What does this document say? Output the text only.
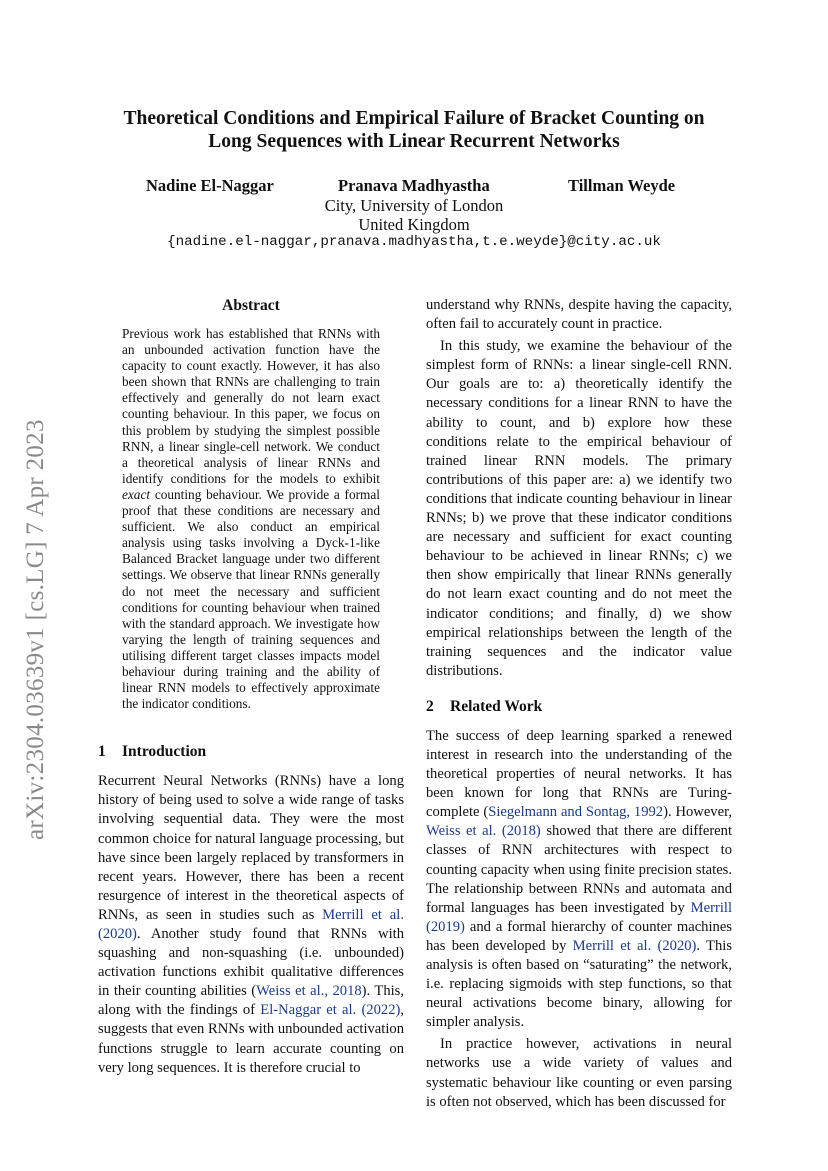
arXiv:2304.03639v1 [cs.LG] 7 Apr 2023
Theoretical Conditions and Empirical Failure of Bracket Counting on
Long Sequences with Linear Recurrent Networks
Nadine El-Naggar	Pranava Madhyastha	Tillman Weyde
City, University of London
United Kingdom
{nadine.el-naggar,pranava.madhyastha,t.e.weyde}@city.ac.uk
Abstract

Previous work has established that RNNs with an unbounded activation function have the capacity to count exactly. However, it has also been shown that RNNs are challenging to train effectively and generally do not learn exact counting behaviour. In this paper, we focus on this problem by studying the simplest possible RNN, a linear single-cell network. We conduct a theoretical analysis of linear RNNs and identify conditions for the models to exhibit exact counting behaviour. We provide a formal proof that these conditions are necessary and sufficient. We also conduct an empirical analysis using tasks involving a Dyck-1-like Balanced Bracket language under two different settings. We observe that linear RNNs generally do not meet the necessary and sufficient conditions for counting behaviour when trained with the standard approach. We investigate how varying the length of training sequences and utilising different target classes impacts model behaviour during training and the ability of linear RNN models to effectively approximate the indicator conditions.

1 Introduction

Recurrent Neural Networks (RNNs) have a long history of being used to solve a wide range of tasks involving sequential data. They were the most common choice for natural language processing, but have since been largely replaced by transformers in recent years. However, there has been a recent resurgence of interest in the theoretical aspects of RNNs, as seen in studies such as Merrill et al. (2020). Another study found that RNNs with squashing and non-squashing (i.e. unbounded) activation functions exhibit qualitative differences in their counting abilities (Weiss et al., 2018). This, along with the findings of El-Naggar et al. (2022), suggests that even RNNs with unbounded activation functions struggle to learn accurate counting on very long sequences. It is therefore crucial to

understand why RNNs, despite having the capacity, often fail to accurately count in practice.

In this study, we examine the behaviour of the simplest form of RNNs: a linear single-cell RNN. Our goals are to: a) theoretically identify the necessary conditions for a linear RNN to have the ability to count, and b) explore how these conditions relate to the empirical behaviour of trained linear RNN models. The primary contributions of this paper are: a) we identify two conditions that indicate counting behaviour in linear RNNs; b) we prove that these indicator conditions are necessary and sufficient for exact counting behaviour to be achieved in linear RNNs; c) we then show empirically that linear RNNs generally do not learn exact counting and do not meet the indicator conditions; and finally, d) we show empirical relationships between the length of the training sequences and the indicator value distributions.

2 Related Work

The success of deep learning sparked a renewed interest in research into the understanding of the theoretical properties of neural networks. It has been known for long that RNNs are Turing-complete (Siegelmann and Sontag, 1992). However, Weiss et al. (2018) showed that there are different classes of RNN architectures with respect to counting capacity when using finite precision states. The relationship between RNNs and automata and formal languages has been investigated by Merrill (2019) and a formal hierarchy of counter machines has been developed by Merrill et al. (2020). This analysis is often based on “saturating” the network, i.e. replacing sigmoids with step functions, so that neural activations become binary, allowing for simpler analysis.

In practice however, activations in neural networks use a wide variety of values and systematic behaviour like counting or even parsing is often not observed, which has been discussed for
